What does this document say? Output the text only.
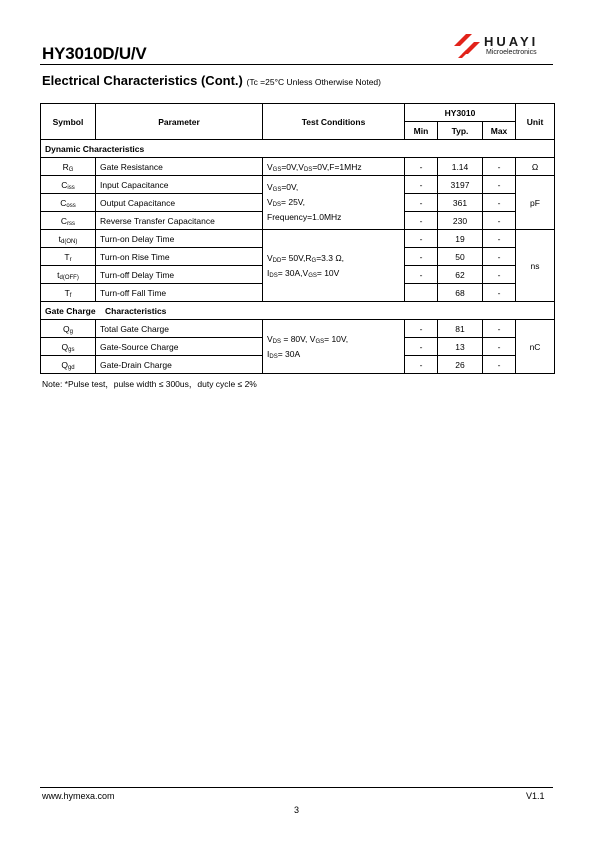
HY3010D/U/V
HUAYI
Microelectronics
Electrical Characteristics (Cont.) (Tc =25°C Unless Otherwise Noted)
Symbol	Parameter	Test Conditions	HY3010			Unit
			Min	Typ.	Max	
Dynamic Characteristics						
RG	Gate Resistance	VGS=0V,VDS=0V,F=1MHz	-	1.14	-	Ω
Ciss	Input Capacitance	VGS=0V,
VDS= 25V,
Frequency=1.0MHz	-	3197	-	pF
Coss	Output Capacitance		-	361	-	
Crss	Reverse Transfer Capacitance		-	230	-	
td(ON)	Turn-on Delay Time	VDD= 50V,RG=3.3 Ω,
IDS= 30A,VGS= 10V	-	19	-	ns
Tr	Turn-on Rise Time		-	50	-	
td(OFF)	Turn-off Delay Time		-	62	-	
Tf	Turn-off Fall Time			68	-	
Gate Charge    Characteristics						
Qg	Total Gate Charge	VDS = 80V, VGS= 10V,
IDS= 30A	-	81	-	nC
Qgs	Gate-Source Charge		-	13	-	
Qgd	Gate-Drain Charge		-	26	-	
Note: *Pulse test，pulse width ≤ 300us，duty cycle ≤ 2%
www.hymexa.com	V1.1
3
